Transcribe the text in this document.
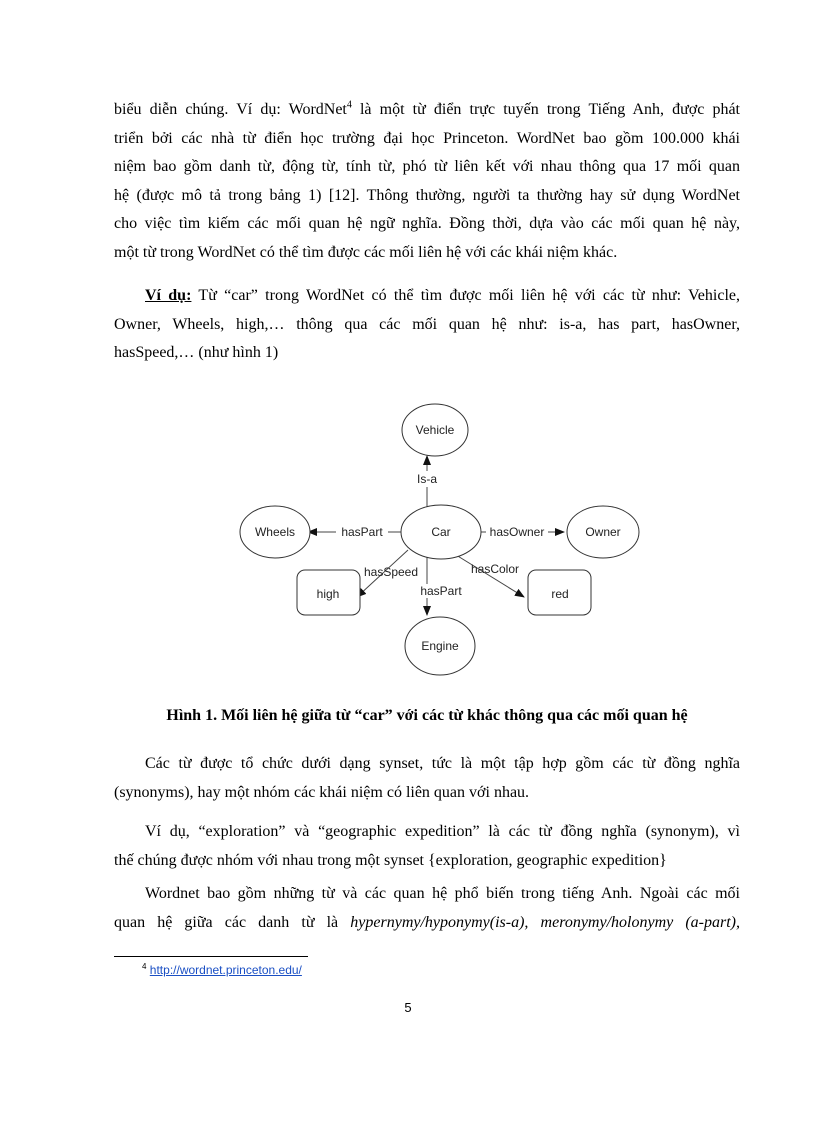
biểu diễn chúng. Ví dụ: WordNet$^4$ là một từ điển trực tuyến trong Tiếng Anh, được phát
triển bởi các nhà từ điển học trường đại học Princeton. WordNet bao gồm 100.000 khái
niệm bao gồm danh từ, động từ, tính từ, phó từ liên kết với nhau thông qua 17 mối quan
hệ (được mô tả trong bảng 1) [12]. Thông thường, người ta thường hay sử dụng WordNet
cho việc tìm kiếm các mối quan hệ ngữ nghĩa. Đồng thời, dựa vào các mối quan hệ này,
một từ trong WordNet có thể tìm được các mối liên hệ với các khái niệm khác.
Ví dụ: Từ “car” trong WordNet có thể tìm được mối liên hệ với các từ như: Vehicle,
Owner, Wheels, high,… thông qua các mối quan hệ như: is-a, has part, hasOwner,
hasSpeed,… (như hình 1)
Is-a
hasPart	hasOwner
hasSpeed	hasColor
hasPart
Vehicle
Car
Wheels	Owner
Engine
high	red

Hình 1. Mối liên hệ giữa từ “car” với các từ khác thông qua các mối quan hệ

Các từ được tổ chức dưới dạng synset, tức là một tập hợp gồm các từ đồng nghĩa
(synonyms), hay một nhóm các khái niệm có liên quan với nhau.
Ví dụ, “exploration” và “geographic expedition” là các từ đồng nghĩa (synonym), vì
thế chúng được nhóm với nhau trong một synset {exploration, geographic expedition}
Wordnet bao gồm những từ và các quan hệ phổ biến trong tiếng Anh. Ngoài các mối
quan hệ giữa các danh từ là hypernymy/hyponymy(is-a), meronymy/holonymy (a-part),
$^4$ http://wordnet.princeton.edu/
5
